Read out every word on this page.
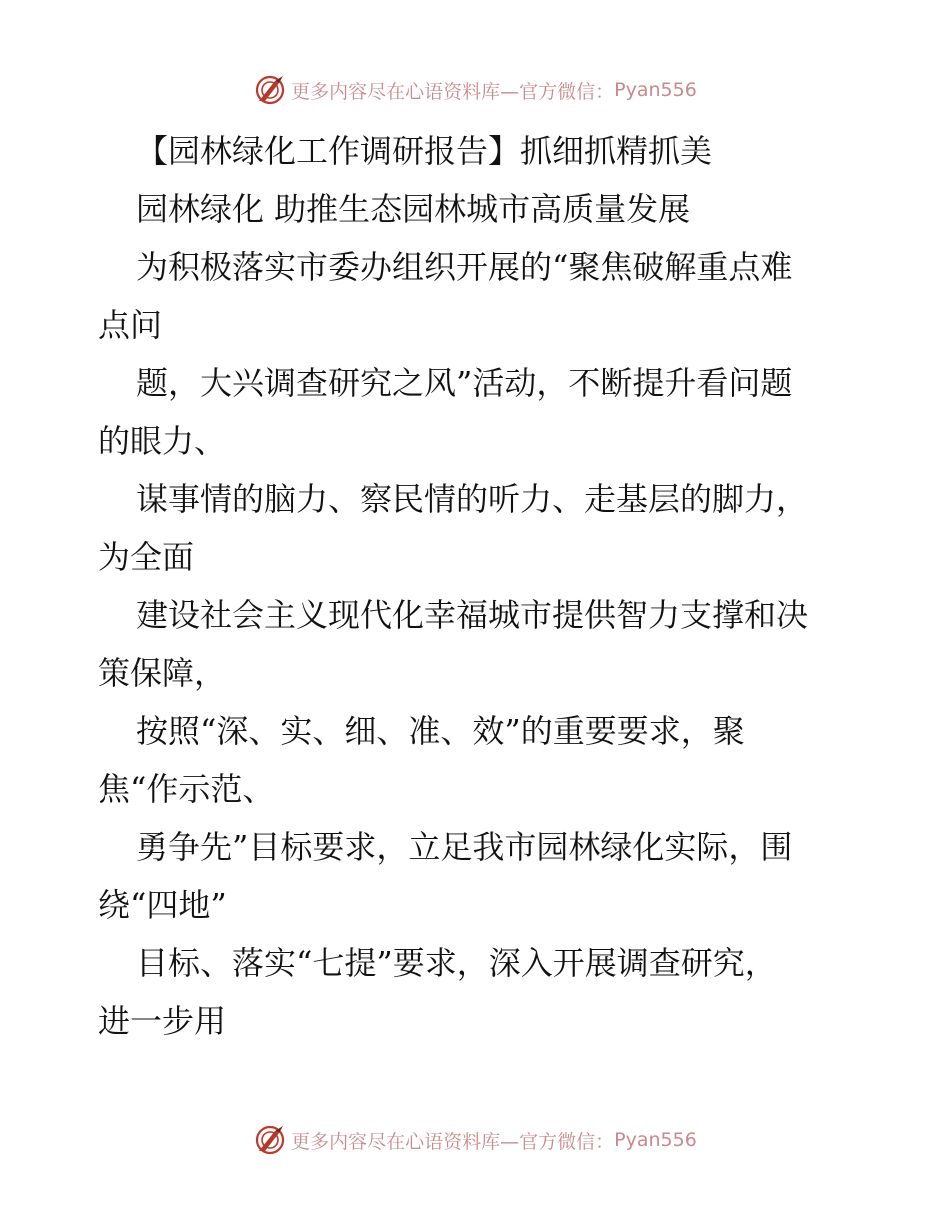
更多内容尽在心语资料库—官方微信： Pyan556
【园林绿化工作调研报告】抓细抓精抓美
园林绿化 助推生态园林城市高质量发展
为积极落实市委办组织开展的“聚焦破解重点难
点问
题，大兴调查研究之风”活动，不断提升看问题
的眼力、
谋事情的脑力、察民情的听力、走基层的脚力，
为全面
建设社会主义现代化幸福城市提供智力支撑和决
策保障，
按照“深、实、细、准、效”的重要要求，聚
焦“作示范、
勇争先”目标要求，立足我市园林绿化实际，围
绕“四地”
目标、落实“七提”要求，深入开展调查研究，
进一步用
更多内容尽在心语资料库—官方微信： Pyan556
